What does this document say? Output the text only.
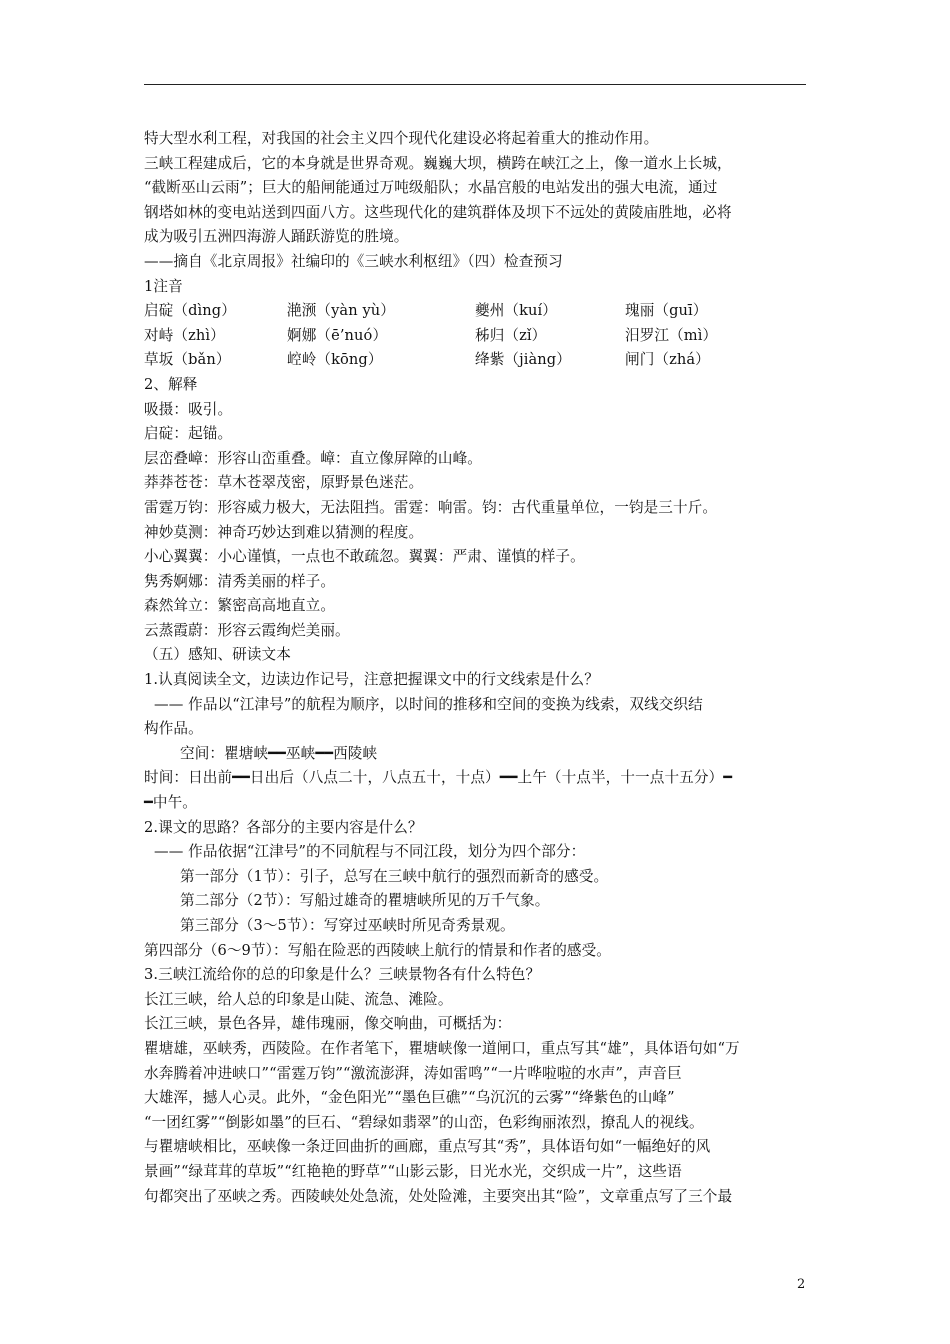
特大型水利工程，对我国的社会主义四个现代化建设必将起着重大的推动作用。

三峡工程建成后，它的本身就是世界奇观。巍巍大坝，横跨在峡江之上，像一道水上长城，

“截断巫山云雨”；巨大的船闸能通过万吨级船队；水晶宫般的电站发出的强大电流，通过

钢塔如林的变电站送到四面八方。这些现代化的建筑群体及坝下不远处的黄陵庙胜地，必将

成为吸引五洲四海游人踊跃游览的胜境。

——摘自《北京周报》社编印的《三峡水利枢纽》（四）检查预习

1注音

启碇（dìng）	滟滪（yàn yù）	夔州（kuí）	瑰丽（guī）
对峙（zhì）	婀娜（ē’nuó）	秭归（zǐ）	汨罗江（mì）
草坂（bǎn）	崆岭（kōng）	绛紫（jiàng）	闸门（zhá）

2、解释

吸摄：吸引。

启碇：起锚。

层峦叠嶂：形容山峦重叠。嶂：直立像屏障的山峰。

莽莽苍苍：草木苍翠茂密，原野景色迷茫。

雷霆万钧：形容威力极大，无法阻挡。雷霆：响雷。钧：古代重量单位，一钧是三十斤。

神妙莫测：神奇巧妙达到难以猜测的程度。

小心翼翼：小心谨慎，一点也不敢疏忽。翼翼：严肃、谨慎的样子。

隽秀婀娜：清秀美丽的样子。

森然耸立：繁密高高地直立。

云蒸霞蔚：形容云霞绚烂美丽。

（五）感知、研读文本

1.认真阅读全文，边读边作记号，注意把握课文中的行文线索是什么？

—— 作品以“江津号”的航程为顺序，以时间的推移和空间的变换为线索，双线交织结

构作品。

空间：瞿塘峡━━巫峡━━西陵峡

时间：日出前━━日出后（八点二十，八点五十，十点）━━上午（十点半，十一点十五分）━

━中午。

2.课文的思路？各部分的主要内容是什么？

—— 作品依据“江津号”的不同航程与不同江段，划分为四个部分：

第一部分（1节）：引子，总写在三峡中航行的强烈而新奇的感受。

第二部分（2节）：写船过雄奇的瞿塘峡所见的万千气象。

第三部分（3～5节）：写穿过巫峡时所见奇秀景观。

第四部分（6～9节）：写船在险恶的西陵峡上航行的情景和作者的感受。

3.三峡江流给你的总的印象是什么？三峡景物各有什么特色？

长江三峡，给人总的印象是山陡、流急、滩险。

长江三峡，景色各异，雄伟瑰丽，像交响曲，可概括为：

瞿塘雄，巫峡秀，西陵险。在作者笔下，瞿塘峡像一道闸口，重点写其“雄”，具体语句如“万

水奔腾着冲进峡口”“雷霆万钧”“激流澎湃，涛如雷鸣”“一片哗啦啦的水声”，声音巨

大雄浑，撼人心灵。此外，“金色阳光”“墨色巨礁”“乌沉沉的云雾”“绛紫色的山峰”

“一团红雾”“倒影如墨”的巨石、“碧绿如翡翠”的山峦，色彩绚丽浓烈，撩乱人的视线。

与瞿塘峡相比，巫峡像一条迂回曲折的画廊，重点写其“秀”，具体语句如“一幅绝好的风

景画”“绿茸茸的草坂”“红艳艳的野草”“山影云影，日光水光，交织成一片”，这些语

句都突出了巫峡之秀。西陵峡处处急流，处处险滩，主要突出其“险”，文章重点写了三个最

2
